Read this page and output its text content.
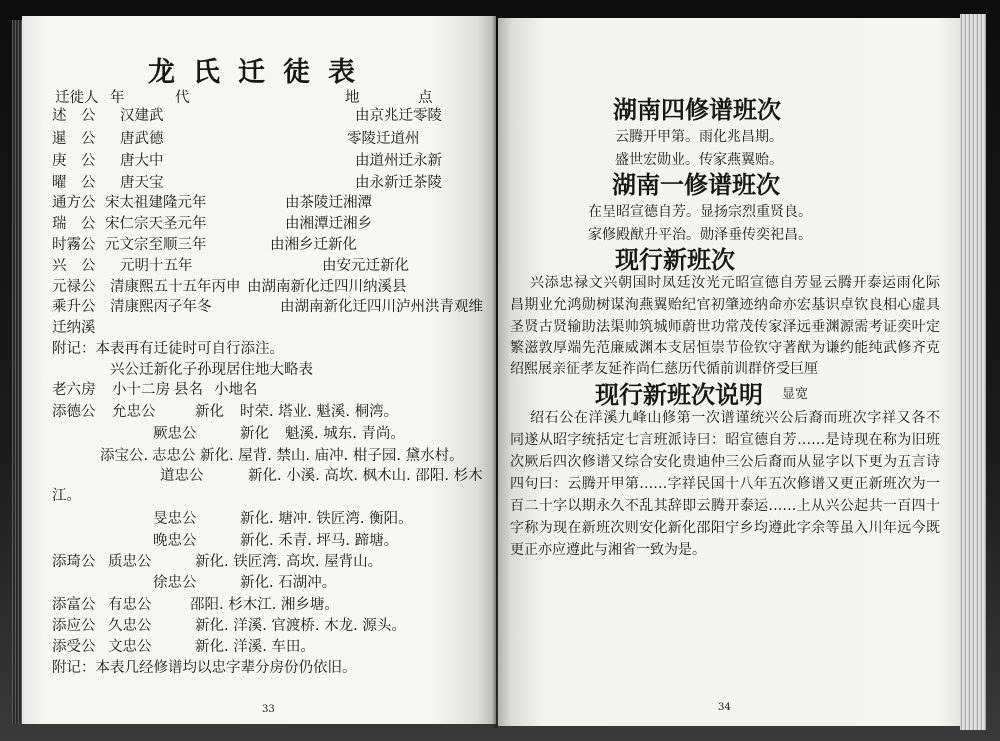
龙氏迁徒表
迁徙人 年	代	地	点
述　公 汉建武	由京兆迁零陵
暹　公 唐武德	零陵迁道州
庚　公 唐大中	由道州迁永新
曜　公 唐天宝	由永新迁茶陵
通方公 宋太祖建隆元年	由茶陵迁湘潭
瑞　公 宋仁宗天圣元年	由湘潭迁湘乡
时霧公 元文宗至顺三年	由湘乡迁新化
兴　公 元明十五年	由安元迁新化
元禄公 清康熙五十五年丙申 由湖南新化迁四川纳溪县
乘升公 清康熙丙子年冬	由湖南新化迁四川泸州洪青观维
迁纳溪
附记：本表再有迁徒时可自行添注。
兴公迁新化子孙现居住地大略表
老六房 小十二房 县名 小地名
添德公 允忠公	新化 时荣. 塔业. 魁溪. 桐湾。
厥忠公	新化 魁溪. 城东. 青尚。
添宝公. 志忠公 新化. 屋背. 禁山. 庙冲. 柑子园. 黛水村。
道忠公	新化. 小溪. 高坎. 枫木山. 邵阳. 杉木
江。
旻忠公	新化. 塘冲. 铁匠湾. 衡阳。
晚忠公	新化. 禾青. 坪马. 蹄塘。
添琦公 质忠公	新化. 铁匠湾. 高坎. 屋背山。
徐忠公	新化. 石湖冲。
添富公 有忠公	邵阳. 杉木江. 湘乡塘。
添应公 久忠公	新化. 洋溪. 官渡桥. 木龙. 源头。
添受公 文忠公	新化. 洋溪. 车田。
附记：本表几经修谱均以忠字辈分房份仍依旧。
33
湖南四修谱班次
云腾开甲第。雨化兆昌期。
盛世宏勋业。传家燕翼贻。
湖南一修谱班次
在呈昭宣德自芳。显扬宗烈重贤良。
家修殿猷升平治。勋泽垂传奕祀昌。
现行新班次
兴添忠禄文兴朝国时凤廷汝光元昭宣德自芳显云腾开泰运雨化际
昌期业允鸿勋树谋洵燕翼贻纪官初肇迹纳命亦宏基识卓钦良相心虚具
圣贤古贤输助法渠帅筑城师蔚世功常茂传家泽远垂渊源需考证奕叶定
繁滋敦厚端先范廉威渊本支居恒崇节俭钦守著猷为谦约能纯武修齐克
绍熙展亲征孝友延祚尚仁慈历代循前训群侪受巨厘
现行新班次说明 显宽
绍石公在洋溪九峰山修第一次谱谨统兴公后裔而班次字祥又各不
同遂从昭字统括定七言班派诗曰：昭宣德自芳……是诗现在称为旧班
次厥后四次修谱又综合安化贵迪仲三公后裔而从显字以下更为五言诗
四句曰：云腾开甲第……字祥民国十八年五次修谱又更正新班次为一
百二十字以期永久不乱其辞即云腾开泰运……上从兴公起共一百四十
字称为现在新班次则安化新化邵阳宁乡均遵此字余等虽入川年远今既
更正亦应遵此与湘省一致为是。
34
